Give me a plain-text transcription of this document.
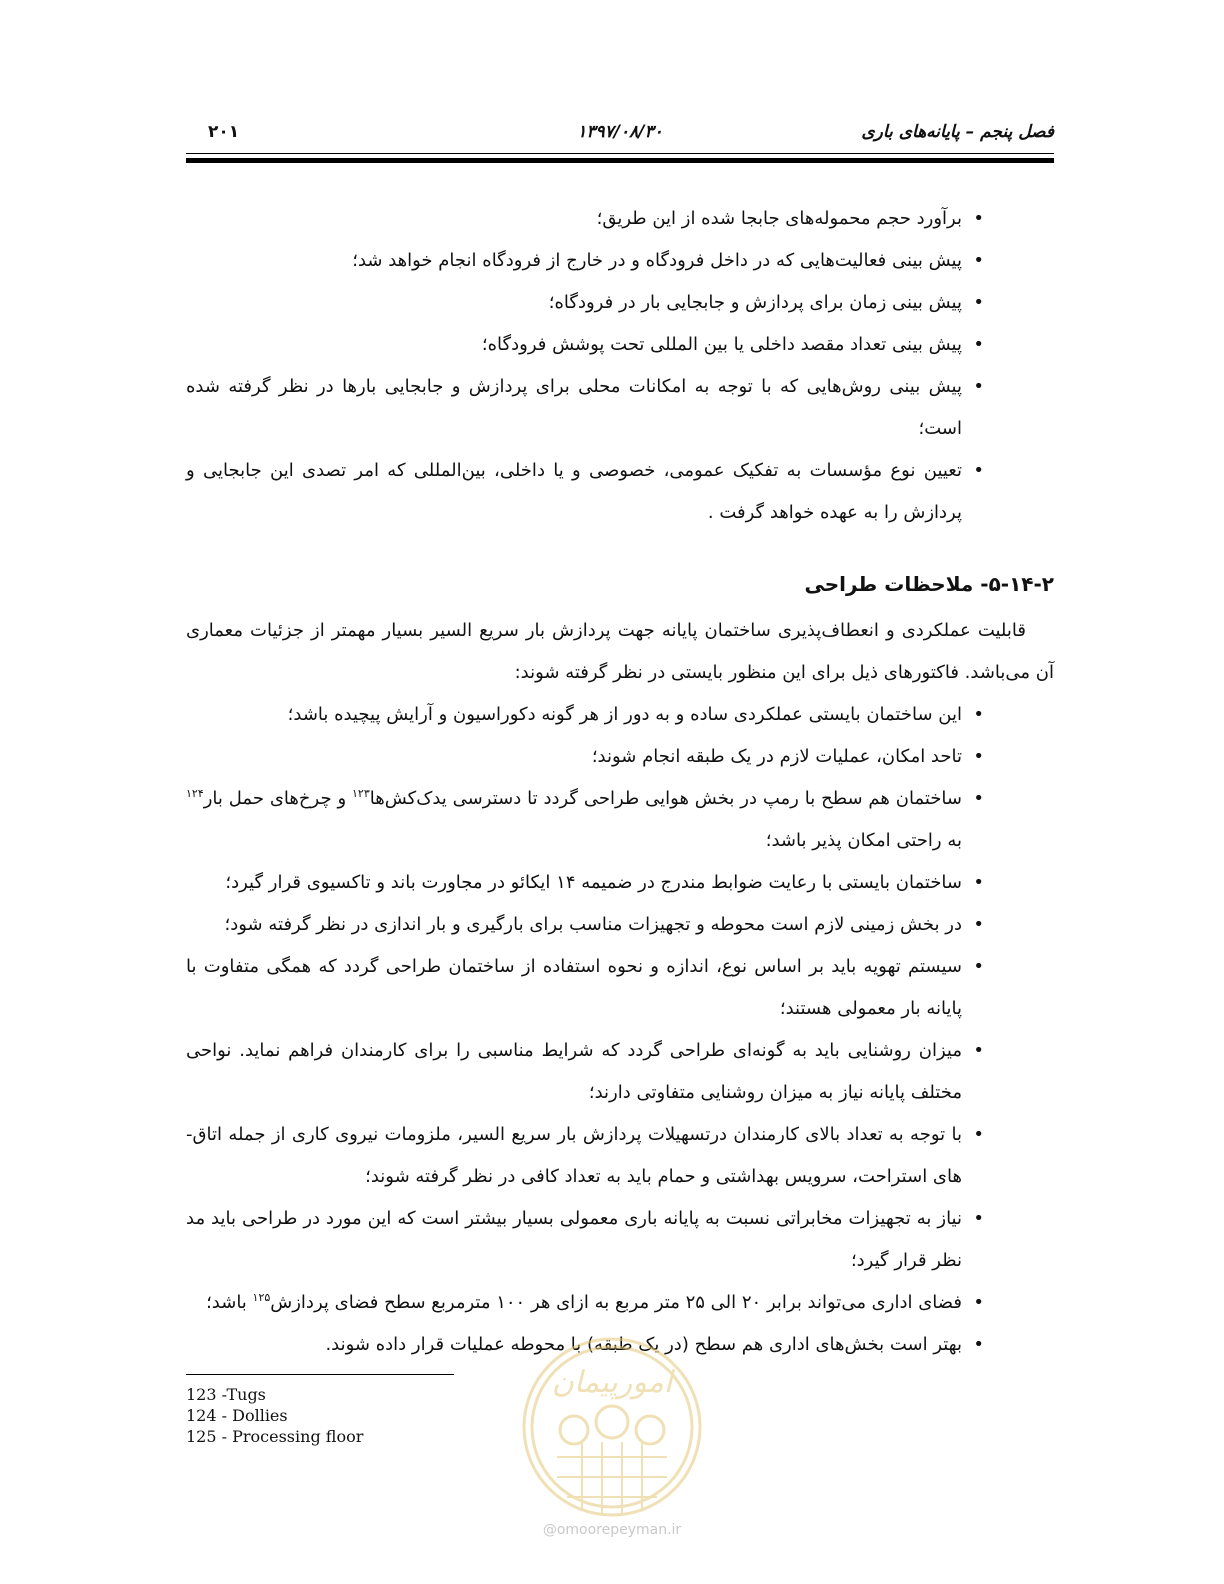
فصل پنجم – پایانه‌های باری
۱۳۹۷/۰۸/۳۰
۲۰۱
• برآورد حجم محموله‌های جابجا شده از این طریق؛
• پیش بینی فعالیت‌هایی که در داخل فرودگاه و در خارج از فرودگاه انجام خواهد شد؛
• پیش بینی زمان برای پردازش و جابجایی بار در فرودگاه؛
• پیش بینی تعداد مقصد داخلی یا بین المللی تحت پوشش فرودگاه؛
• پیش بینی روش‌هایی که با توجه به امکانات محلی برای پردازش و جابجایی بارها در نظر گرفته شده است؛
• تعیین نوع مؤسسات به تفکیک عمومی، خصوصی و یا داخلی، بین‌المللی که امر تصدی این جابجایی و پردازش را به عهده خواهد گرفت .
۵-۱۴-۲- ملاحظات طراحی
قابلیت عملکردی و انعطاف‌پذیری ساختمان پایانه جهت پردازش بار سریع السیر بسیار مهمتر از جزئیات معماری آن می‌باشد. فاکتورهای ذیل برای این منظور بایستی در نظر گرفته شوند:
• این ساختمان بایستی عملکردی ساده و به دور از هر گونه دکوراسیون و آرایش پیچیده باشد؛
• تاحد امکان، عملیات لازم در یک طبقه انجام شوند؛
• ساختمان هم سطح با رمپ در بخش هوایی طراحی گردد تا دسترسی یدک‌کش‌ها$^{۱۲۳}$ و چرخ‌های حمل بار$^{۱۲۴}$ به راحتی امکان پذیر باشد؛
• ساختمان بایستی با رعایت ضوابط مندرج در ضمیمه ۱۴ ایکائو در مجاورت باند و تاکسیوی قرار گیرد؛
• در بخش زمینی لازم است محوطه و تجهیزات مناسب برای بارگیری و بار اندازی در نظر گرفته شود؛
• سیستم تهویه باید بر اساس نوع، اندازه و نحوه استفاده از ساختمان طراحی گردد که همگی متفاوت با پایانه بار معمولی هستند؛
• میزان روشنایی باید به گونه‌ای طراحی گردد که شرایط مناسبی را برای کارمندان فراهم نماید. نواحی مختلف پایانه نیاز به میزان روشنایی متفاوتی دارند؛
• با توجه به تعداد بالای کارمندان درتسهیلات پردازش بار سریع السیر، ملزومات نیروی کاری از جمله اتاق-های استراحت، سرویس بهداشتی و حمام باید به تعداد کافی در نظر گرفته شوند؛
• نیاز به تجهیزات مخابراتی نسبت به پایانه باری معمولی بسیار بیشتر است که این مورد در طراحی باید مد نظر قرار گیرد؛
• فضای اداری می‌تواند برابر ۲۰ الی ۲۵ متر مربع به ازای هر ۱۰۰ مترمربع سطح فضای پردازش$^{۱۲۵}$ باشد؛
• بهتر است بخش‌های اداری هم سطح (در یک طبقه) با محوطه عملیات قرار داده شوند.
123 -Tugs
124 - Dollies
125 - Processing floor
امورپیمان
@omoorepeyman.ir
